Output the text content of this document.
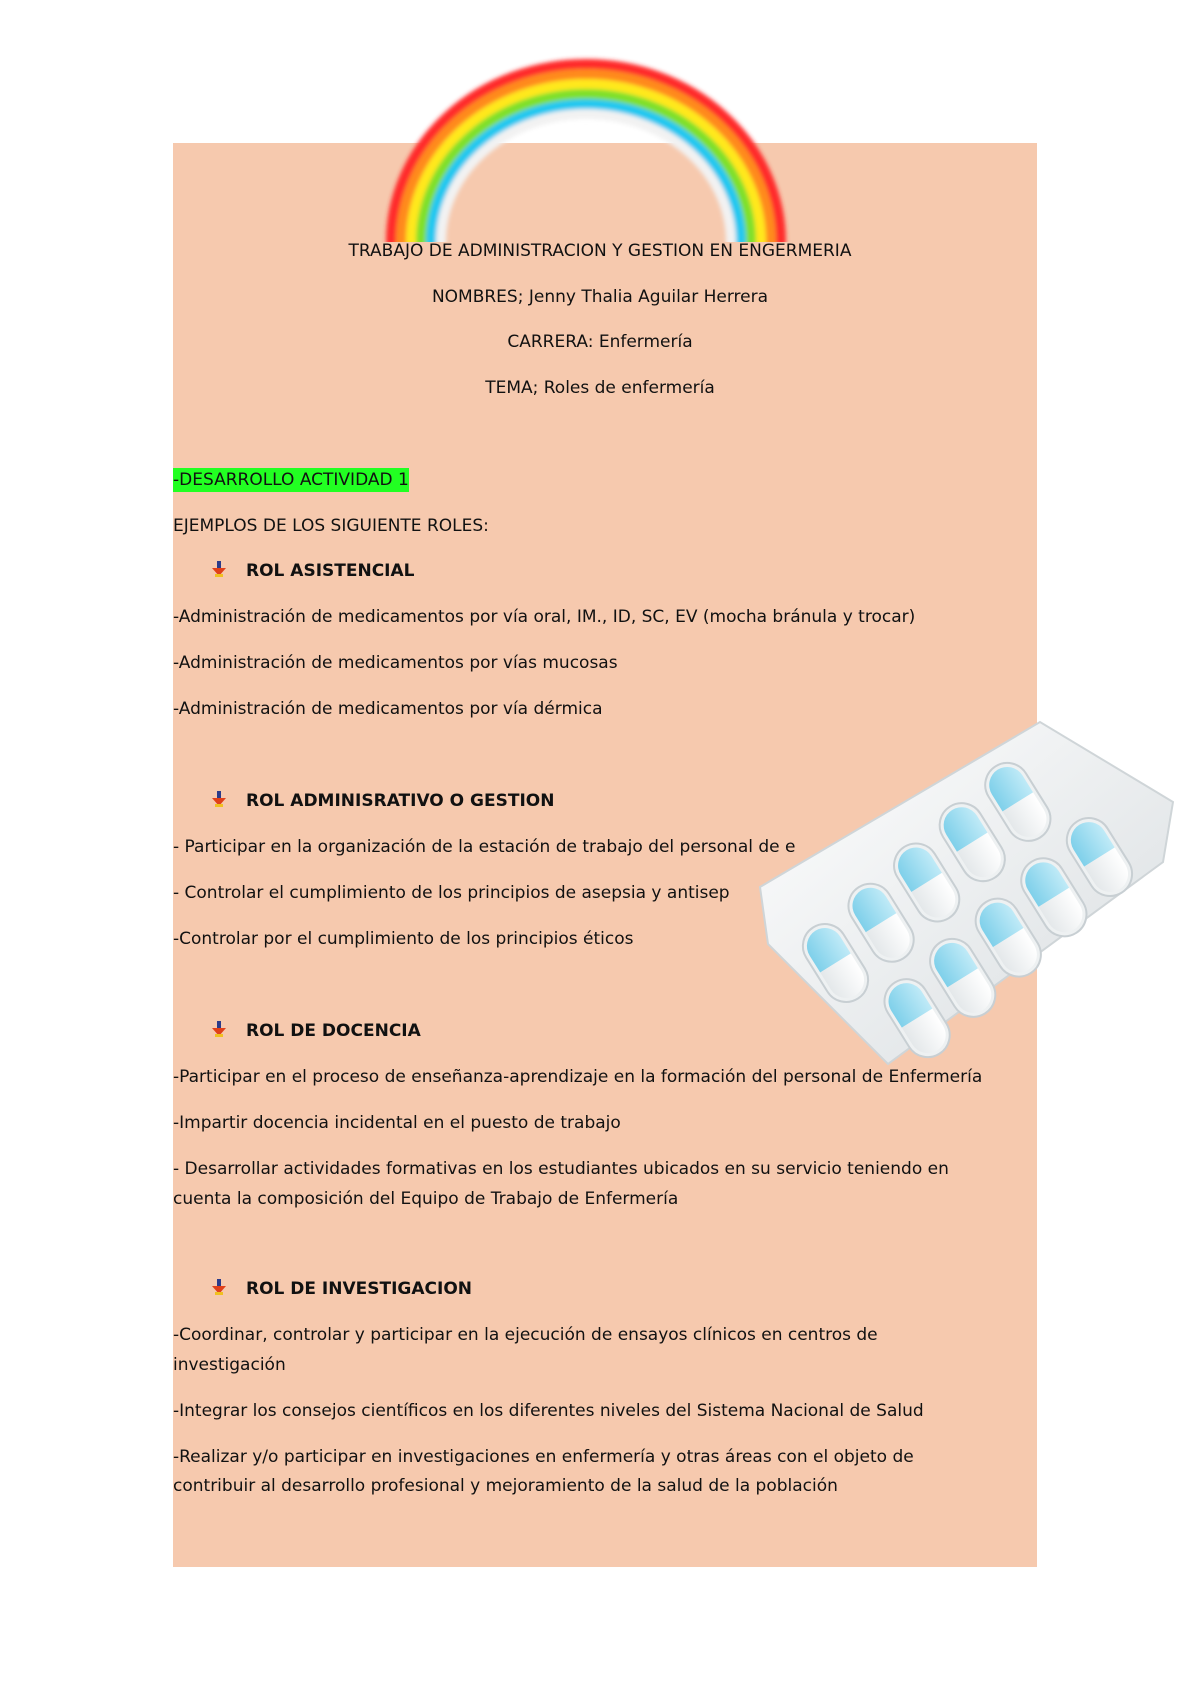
TRABAJO DE ADMINISTRACION Y GESTION EN ENGERMERIA
NOMBRES; Jenny Thalia Aguilar Herrera
CARRERA: Enfermería
TEMA; Roles de enfermería
-DESARROLLO ACTIVIDAD 1
EJEMPLOS DE LOS SIGUIENTE ROLES:
ROL ASISTENCIAL
-Administración de medicamentos por vía oral, IM., ID, SC, EV (mocha bránula y trocar)
-Administración de medicamentos por vías mucosas
-Administración de medicamentos por vía dérmica
ROL ADMINISRATIVO O GESTION
- Participar en la organización de la estación de trabajo del personal de e
- Controlar el cumplimiento de los principios de asepsia y antisep
-Controlar por el cumplimiento de los principios éticos
ROL DE DOCENCIA
-Participar en el proceso de enseñanza-aprendizaje en la formación del personal de Enfermería
-Impartir docencia incidental en el puesto de trabajo
- Desarrollar actividades formativas en los estudiantes ubicados en su servicio teniendo en
cuenta la composición del Equipo de Trabajo de Enfermería
ROL DE INVESTIGACION
-Coordinar, controlar y participar en la ejecución de ensayos clínicos en centros de
investigación
-Integrar los consejos científicos en los diferentes niveles del Sistema Nacional de Salud
-Realizar y/o participar en investigaciones en enfermería y otras áreas con el objeto de
contribuir al desarrollo profesional y mejoramiento de la salud de la población
